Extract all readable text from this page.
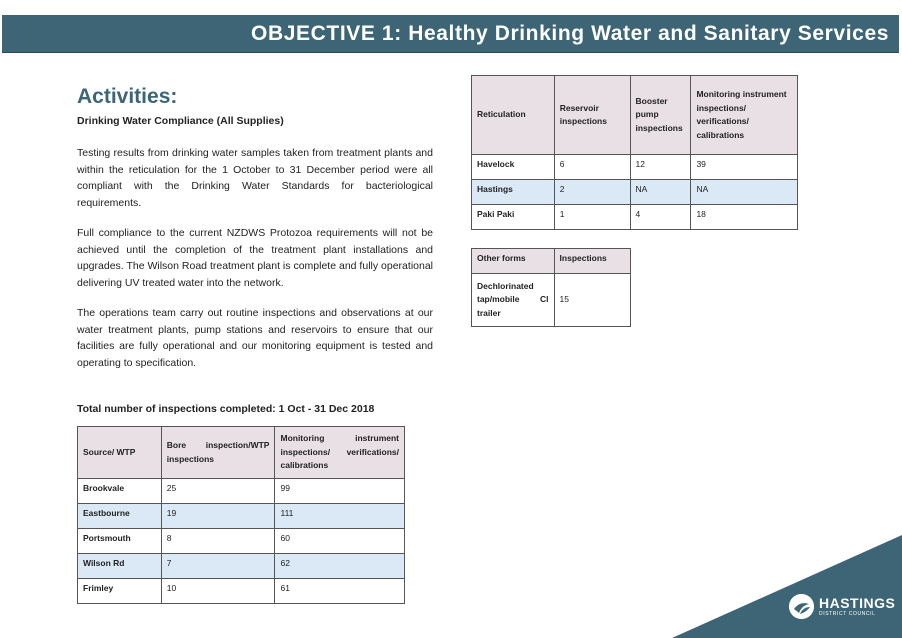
OBJECTIVE 1: Healthy Drinking Water and Sanitary Services
Activities:
Drinking Water Compliance (All Supplies)

Testing results from drinking water samples taken from treatment plants and within the reticulation for the 1 October to 31 December period were all compliant with the Drinking Water Standards for bacteriological requirements.

Full compliance to the current NZDWS Protozoa requirements will not be achieved until the completion of the treatment plant installations and upgrades. The Wilson Road treatment plant is complete and fully operational delivering UV treated water into the network.

The operations team carry out routine inspections and observations at our water treatment plants, pump stations and reservoirs to ensure that our facilities are fully operational and our monitoring equipment is tested and operating to specification.

Total number of inspections completed: 1 Oct - 31 Dec 2018
Source/ WTP	Bore inspection/WTP inspections	Monitoring instrument inspections/ verifications/ calibrations
Brookvale	25	99
Eastbourne	19	111
Portsmouth	8	60
Wilson Rd	7	62
Frimley	10	61
Reticulation	Reservoir inspections	Booster pump inspections	Monitoring instrument inspections/ verifications/ calibrations
Havelock	6	12	39
Hastings	2	NA	NA
Paki Paki	1	4	18
Other forms	Inspections
Dechlorinated tap/mobile Cl trailer	15
HASTINGS
DISTRICT COUNCIL
